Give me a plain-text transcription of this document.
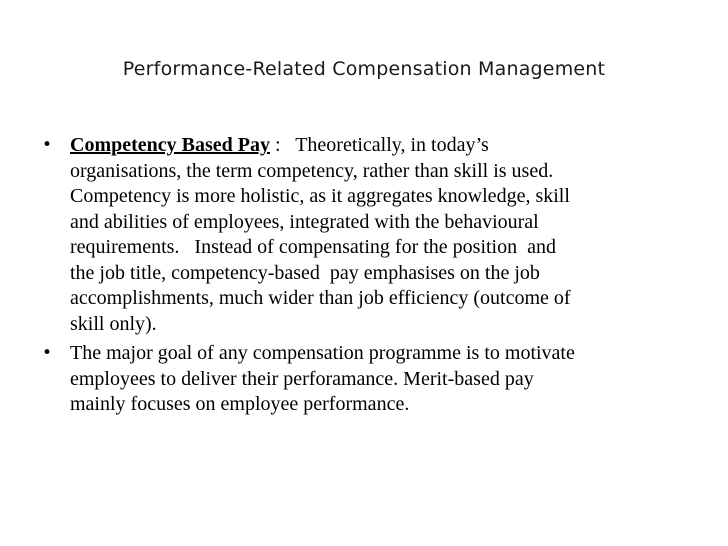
Performance-Related Compensation Management
• Competency Based Pay :   Theoretically, in today’s
organisations, the term competency, rather than skill is used.
Competency is more holistic, as it aggregates knowledge, skill
and abilities of employees, integrated with the behavioural
requirements.   Instead of compensating for the position  and
the job title, competency-based  pay emphasises on the job
accomplishments, much wider than job efficiency (outcome of
skill only).
• The major goal of any compensation programme is to motivate
employees to deliver their perforamance. Merit-based pay
mainly focuses on employee performance.
